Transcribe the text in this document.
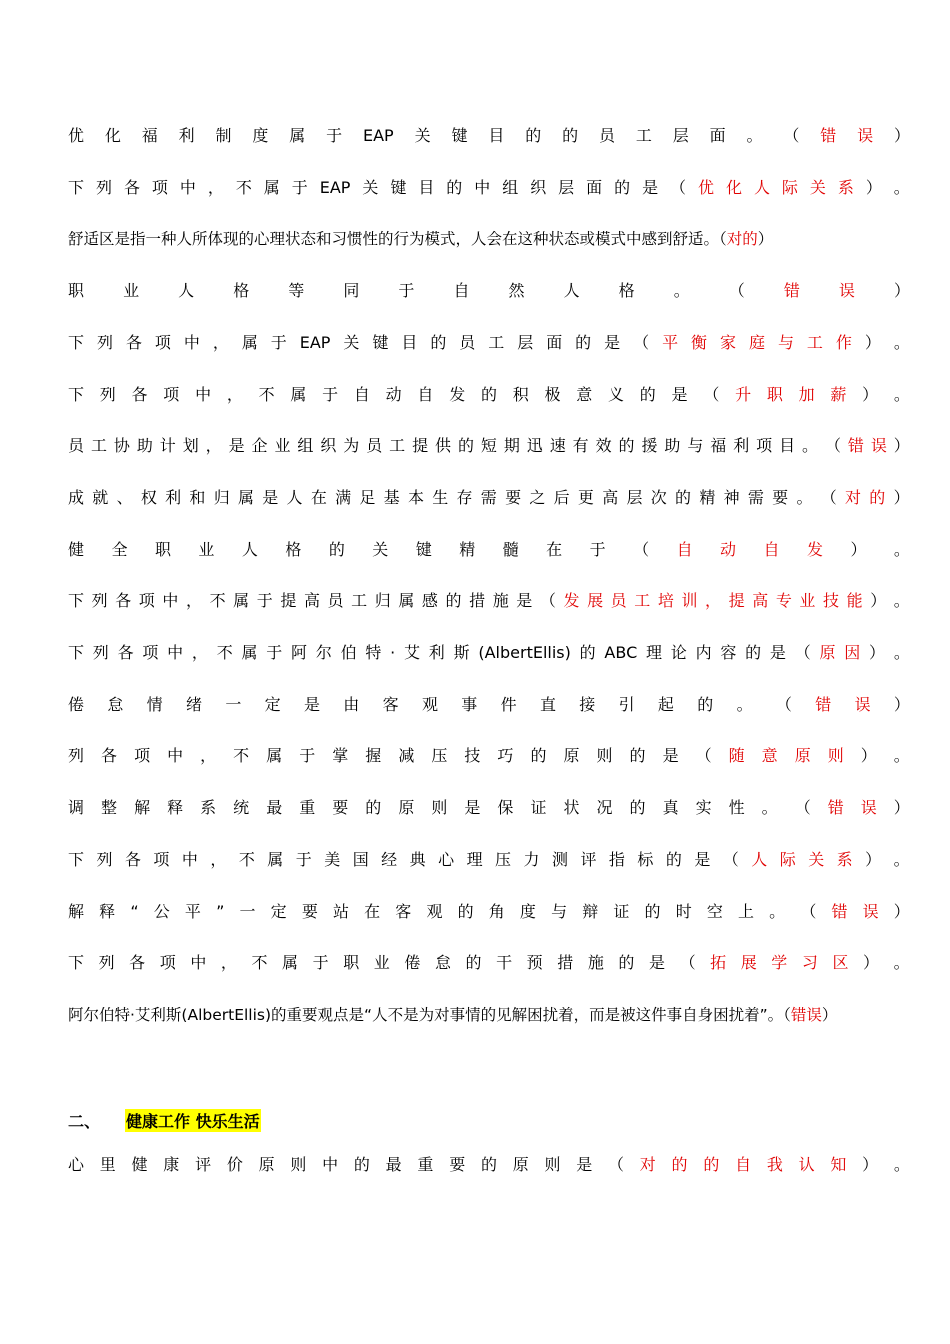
优 化 福 利 制 度 属 于 EAP 关 键 目 的 的 员 工 层 面 。 （ 错 误 ）
下 列 各 项 中 ， 不 属 于 EAP 关 键 目 的 中 组 织 层 面 的 是 （ 优 化 人 际 关 系 ） 。
舒适区是指一种人所体现的心理状态和习惯性的行为模式，人会在这种状态或模式中感到舒适。（ 对的 ）
职 业 人 格 等 同 于 自 然 人 格 。 （ 错 误 ）
下 列 各 项 中 ， 属 于 EAP 关 键 目 的 员 工 层 面 的 是 （ 平 衡 家 庭 与 工 作 ） 。
下 列 各 项 中 ， 不 属 于 自 动 自 发 的 积 极 意 义 的 是 （ 升 职 加 薪 ） 。
员 工 协 助 计 划 ， 是 企 业 组 织 为 员 工 提 供 的 短 期 迅 速 有 效 的 援 助 与 福 利 项 目 。 （ 错 误 ）
成 就 、 权 利 和 归 属 是 人 在 满 足 基 本 生 存 需 要 之 后 更 高 层 次 的 精 神 需 要 。 （ 对 的 ）
健 全 职 业 人 格 的 关 键 精 髓 在 于 （ 自 动 自 发 ） 。
下 列 各 项 中 ， 不 属 于 提 高 员 工 归 属 感 的 措 施 是 （ 发 展 员 工 培 训 ， 提 高 专 业 技 能 ） 。
下 列 各 项 中 ， 不 属 于 阿 尔 伯 特 · 艾 利 斯 (AlbertEllis) 的 ABC 理 论 内 容 的 是 （ 原 因 ） 。
倦 怠 情 绪 一 定 是 由 客 观 事 件 直 接 引 起 的 。 （ 错 误 ）
列 各 项 中 ， 不 属 于 掌 握 减 压 技 巧 的 原 则 的 是 （ 随 意 原 则 ） 。
调 整 解 释 系 统 最 重 要 的 原 则 是 保 证 状 况 的 真 实 性 。 （ 错 误 ）
下 列 各 项 中 ， 不 属 于 美 国 经 典 心 理 压 力 测 评 指 标 的 是 （ 人 际 关 系 ） 。
解 释 “ 公 平 ” 一 定 要 站 在 客 观 的 角 度 与 辩 证 的 时 空 上 。 （ 错 误 ）
下 列 各 项 中 ， 不 属 于 职 业 倦 怠 的 干 预 措 施 的 是 （ 拓 展 学 习 区 ） 。
阿尔伯特·艾利斯(AlbertEllis)的重要观点是“人不是为对事情的见解困扰着，而是被这件事自身困扰着”。（ 错误 ）
二、	健康工作 快乐生活
心 里 健 康 评 价 原 则 中 的 最 重 要 的 原 则 是 （ 对 的 的 自 我 认 知 ） 。
